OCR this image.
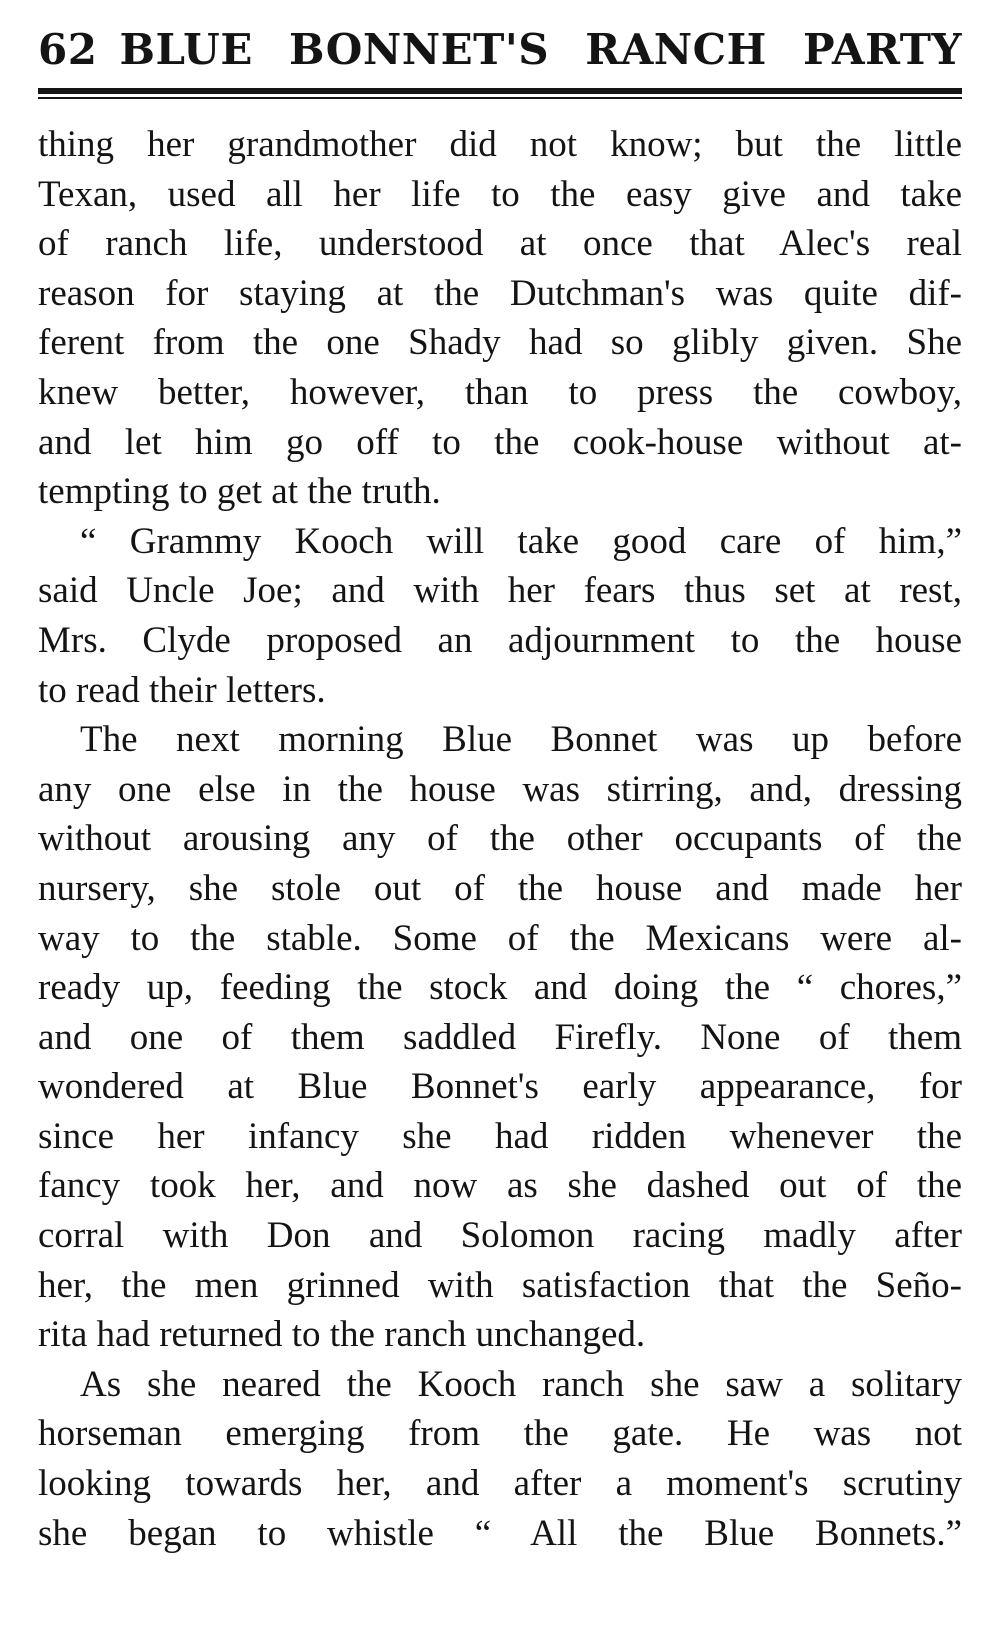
62 BLUE BONNET'S RANCH PARTY
thing her grandmother did not know; but the little
Texan, used all her life to the easy give and take
of ranch life, understood at once that Alec's real
reason for staying at the Dutchman's was quite dif-
ferent from the one Shady had so glibly given. She
knew better, however, than to press the cowboy,
and let him go off to the cook-house without at-
tempting to get at the truth.
“ Grammy Kooch will take good care of him,”
said Uncle Joe; and with her fears thus set at rest,
Mrs. Clyde proposed an adjournment to the house
to read their letters.
The next morning Blue Bonnet was up before
any one else in the house was stirring, and, dressing
without arousing any of the other occupants of the
nursery, she stole out of the house and made her
way to the stable. Some of the Mexicans were al-
ready up, feeding the stock and doing the “ chores,”
and one of them saddled Firefly. None of them
wondered at Blue Bonnet's early appearance, for
since her infancy she had ridden whenever the
fancy took her, and now as she dashed out of the
corral with Don and Solomon racing madly after
her, the men grinned with satisfaction that the Seño-
rita had returned to the ranch unchanged.
As she neared the Kooch ranch she saw a solitary
horseman emerging from the gate. He was not
looking towards her, and after a moment's scrutiny
she began to whistle “ All the Blue Bonnets.”
